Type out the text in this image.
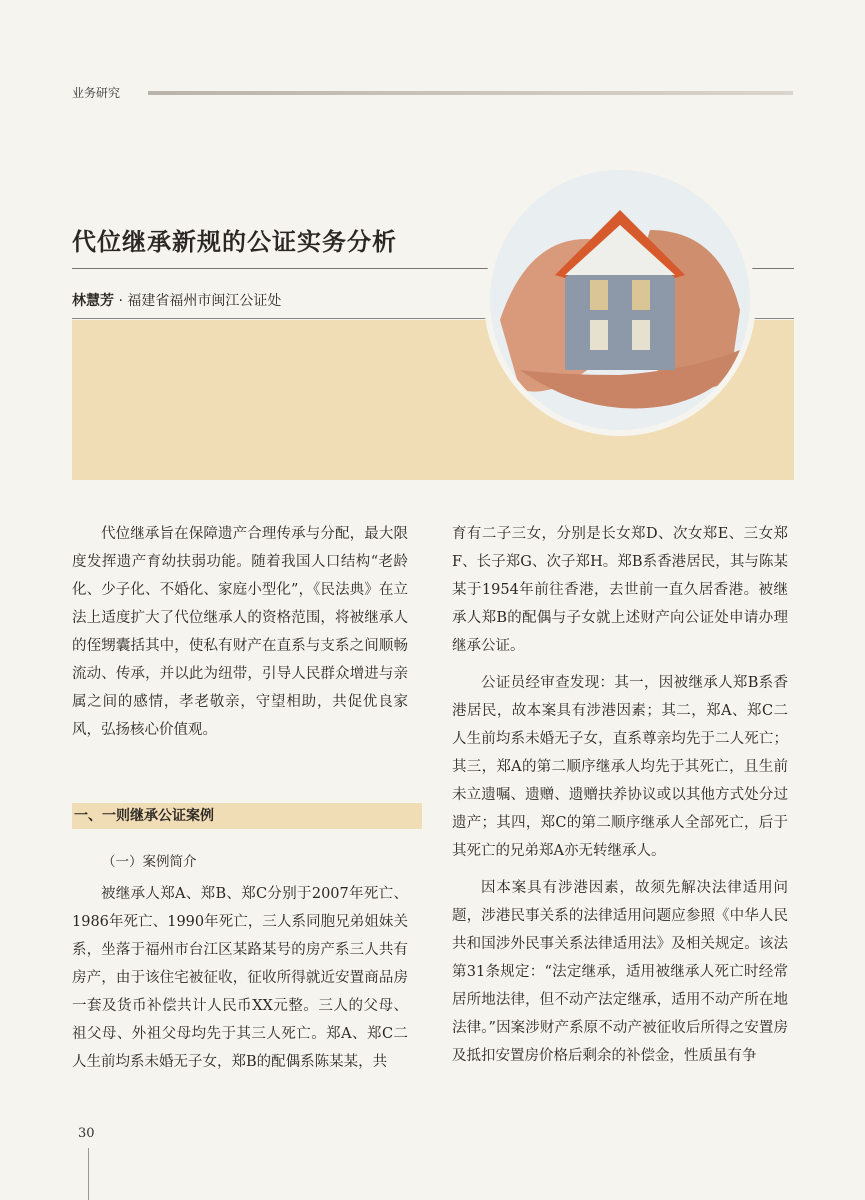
业务研究
代位继承新规的公证实务分析
林慧芳 · 福建省福州市闽江公证处

代位继承旨在保障遗产合理传承与分配，最大限度发挥遗产育幼扶弱功能。随着我国人口结构“老龄化、少子化、不婚化、家庭小型化”，《民法典》在立法上适度扩大了代位继承人的资格范围，将被继承人的侄甥囊括其中，使私有财产在直系与支系之间顺畅流动、传承，并以此为纽带，引导人民群众增进与亲属之间的感情，孝老敬亲，守望相助，共促优良家风，弘扬核心价值观。

一、一则继承公证案例
（一）案例简介

被继承人郑A、郑B、郑C分别于2007年死亡、1986年死亡、1990年死亡，三人系同胞兄弟姐妹关系，坐落于福州市台江区某路某号的房产系三人共有房产，由于该住宅被征收，征收所得就近安置商品房一套及货币补偿共计人民币XX元整。三人的父母、祖父母、外祖父母均先于其三人死亡。郑A、郑C二人生前均系未婚无子女，郑B的配偶系陈某某，共

育有二子三女，分别是长女郑D、次女郑E、三女郑F、长子郑G、次子郑H。郑B系香港居民，其与陈某某于1954年前往香港，去世前一直久居香港。被继承人郑B的配偶与子女就上述财产向公证处申请办理继承公证。

公证员经审查发现：其一，因被继承人郑B系香港居民，故本案具有涉港因素；其二，郑A、郑C二人生前均系未婚无子女，直系尊亲均先于二人死亡；其三，郑A的第二顺序继承人均先于其死亡，且生前未立遗嘱、遗赠、遗赠扶养协议或以其他方式处分过遗产；其四，郑C的第二顺序继承人全部死亡，后于其死亡的兄弟郑A亦无转继承人。

因本案具有涉港因素，故须先解决法律适用问题，涉港民事关系的法律适用问题应参照《中华人民共和国涉外民事关系法律适用法》及相关规定。该法第31条规定：“法定继承，适用被继承人死亡时经常居所地法律，但不动产法定继承，适用不动产所在地法律。”因案涉财产系原不动产被征收后所得之安置房及抵扣安置房价格后剩余的补偿金，性质虽有争

30
